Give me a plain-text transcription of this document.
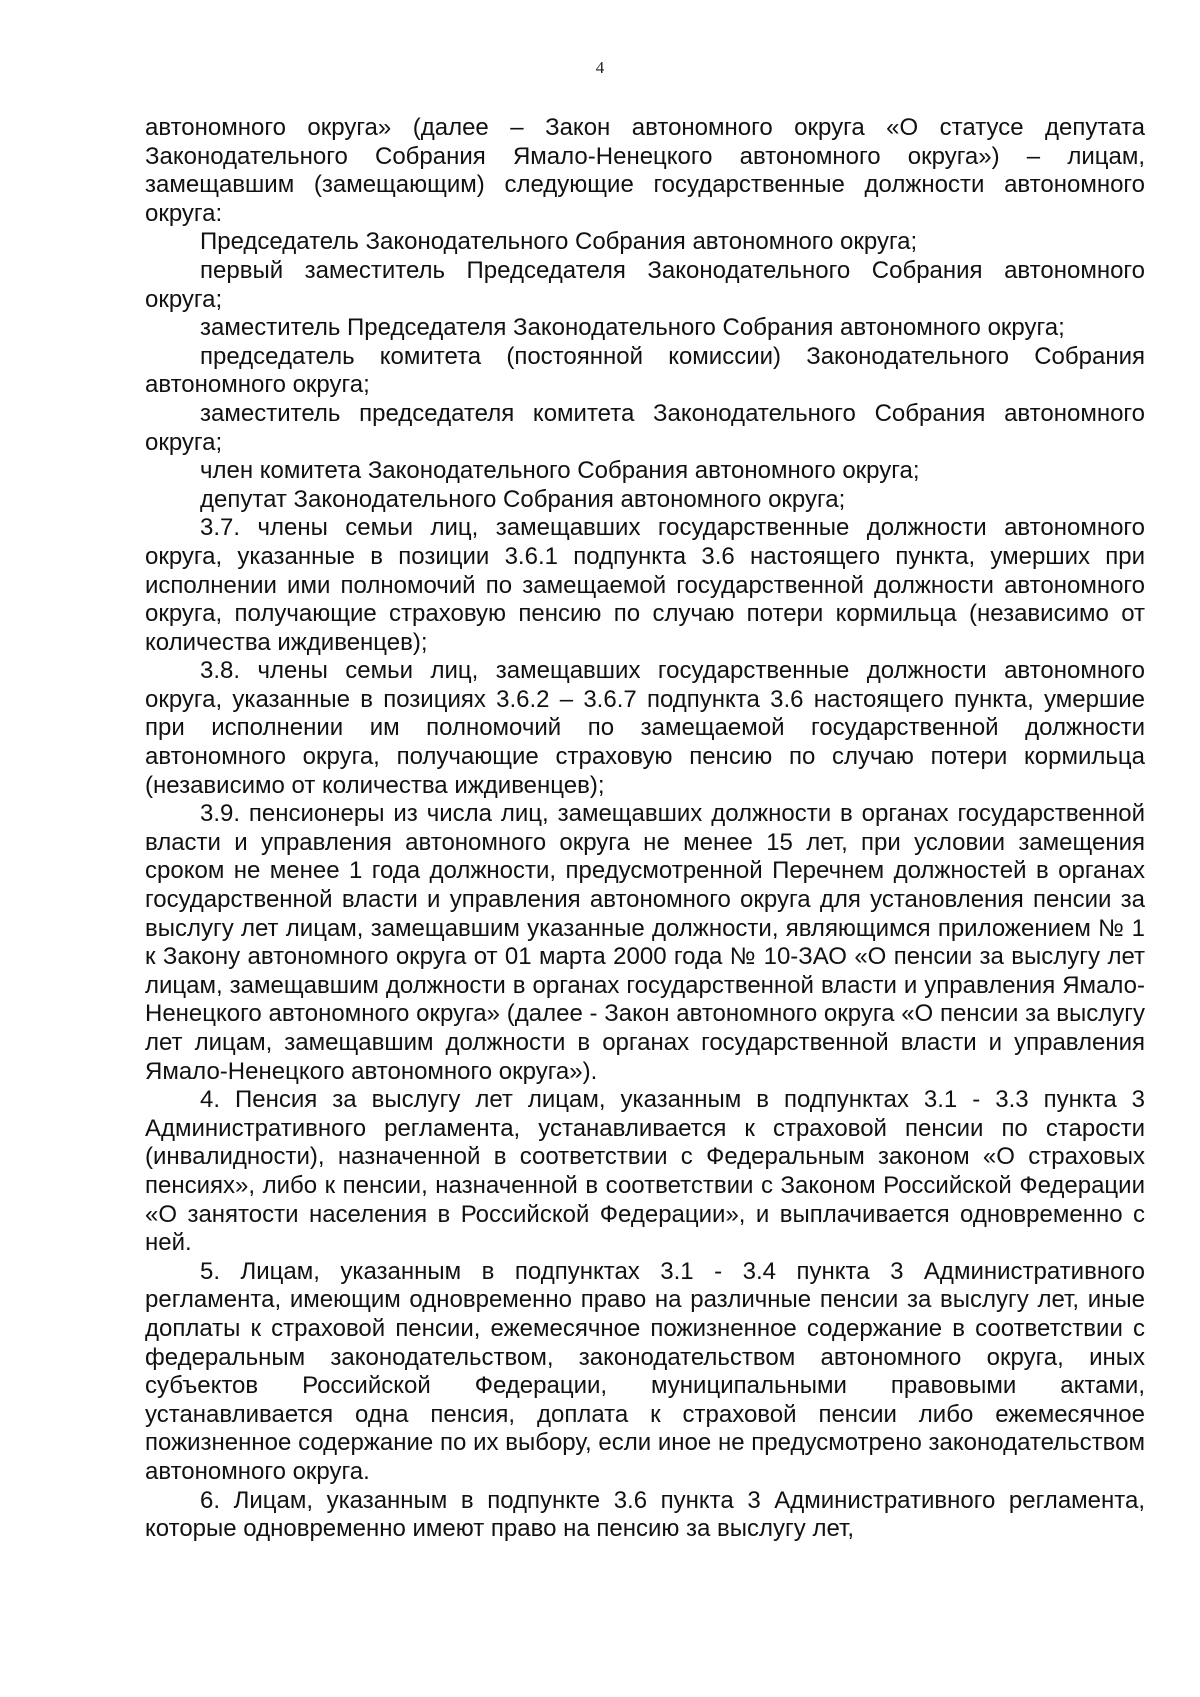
4

автономного округа» (далее – Закон автономного округа «О статусе депутата Законодательного Собрания Ямало-Ненецкого автономного округа») – лицам, замещавшим (замещающим) следующие государственные должности автономного округа:

Председатель Законодательного Собрания автономного округа;

первый заместитель Председателя Законодательного Собрания автономного округа;

заместитель Председателя Законодательного Собрания автономного округа;

председатель комитета (постоянной комиссии) Законодательного Собрания автономного округа;

заместитель председателя комитета Законодательного Собрания автономного округа;

член комитета Законодательного Собрания автономного округа;

депутат Законодательного Собрания автономного округа;

3.7. члены семьи лиц, замещавших государственные должности автономного округа, указанные в позиции 3.6.1 подпункта 3.6 настоящего пункта, умерших при исполнении ими полномочий по замещаемой государственной должности автономного округа, получающие страховую пенсию по случаю потери кормильца (независимо от количества иждивенцев);

3.8. члены семьи лиц, замещавших государственные должности автономного округа, указанные в позициях 3.6.2 – 3.6.7 подпункта 3.6 настоящего пункта, умершие при исполнении им полномочий по замещаемой государственной должности автономного округа, получающие страховую пенсию по случаю потери кормильца (независимо от количества иждивенцев);

3.9. пенсионеры из числа лиц, замещавших должности в органах государственной власти и управления автономного округа не менее 15 лет, при условии замещения сроком не менее 1 года должности, предусмотренной Перечнем должностей в органах государственной власти и управления автономного округа для установления пенсии за выслугу лет лицам, замещавшим указанные должности, являющимся приложением № 1 к Закону автономного округа от 01 марта 2000 года № 10-ЗАО «О пенсии за выслугу лет лицам, замещавшим должности в органах государственной власти и управления Ямало-Ненецкого автономного округа» (далее - Закон автономного округа «О пенсии за выслугу лет лицам, замещавшим должности в органах государственной власти и управления Ямало-Ненецкого автономного округа»).

4. Пенсия за выслугу лет лицам, указанным в подпунктах 3.1 - 3.3 пункта 3 Административного регламента, устанавливается к страховой пенсии по старости (инвалидности), назначенной в соответствии с Федеральным законом «О страховых пенсиях», либо к пенсии, назначенной в соответствии с Законом Российской Федерации «О занятости населения в Российской Федерации», и выплачивается одновременно с ней.

5. Лицам, указанным в подпунктах 3.1 - 3.4 пункта 3 Административного регламента, имеющим одновременно право на различные пенсии за выслугу лет, иные доплаты к страховой пенсии, ежемесячное пожизненное содержание в соответствии с федеральным законодательством, законодательством автономного округа, иных субъектов Российской Федерации, муниципальными правовыми актами, устанавливается одна пенсия, доплата к страховой пенсии либо ежемесячное пожизненное содержание по их выбору, если иное не предусмотрено законодательством автономного округа.

6. Лицам, указанным в подпункте 3.6 пункта 3 Административного регламента, которые одновременно имеют право на пенсию за выслугу лет,
